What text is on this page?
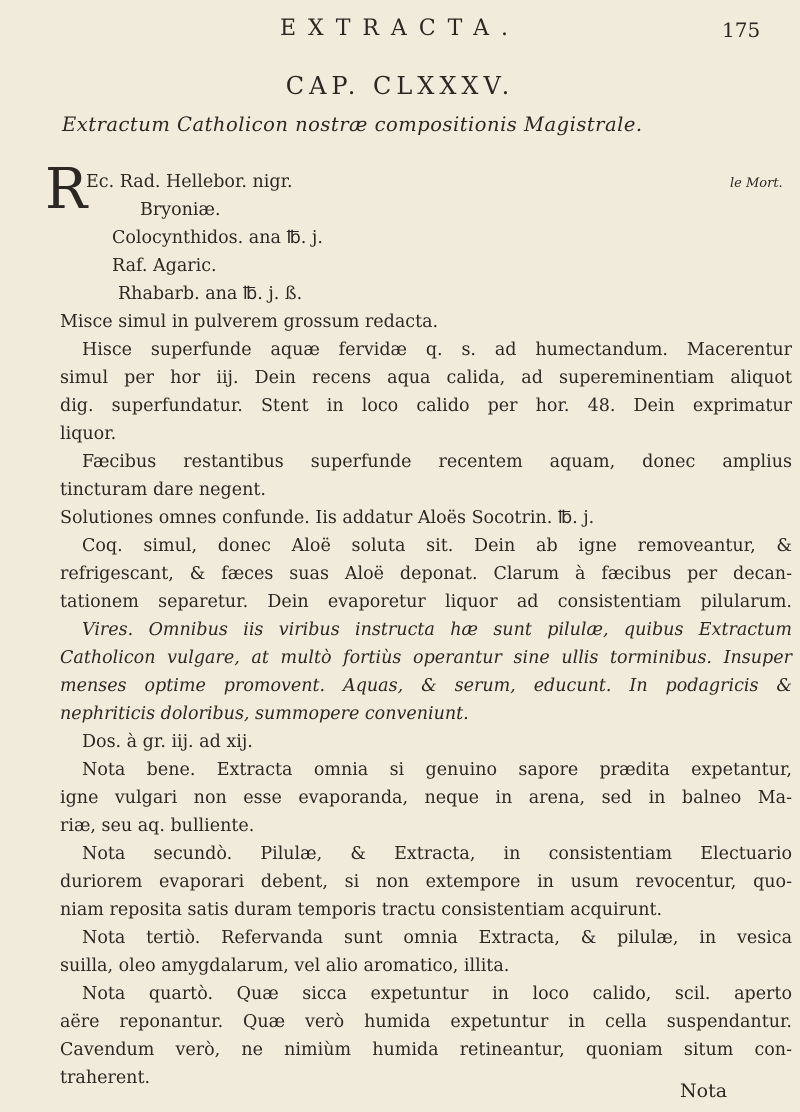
EXTRACTA.	175
CAP. CLXXXV.
Extractum Catholicon nostræ compositionis Magistrale.
le Mort.
R
Ec. Rad. Hellebor. nigr.
Bryoniæ.
Colocynthidos. ana ℔. j.
Raf. Agaric.
Rhabarb. ana ℔. j. ß.
Misce simul in pulverem grossum redacta.
Hisce superfunde aquæ fervidæ q. s. ad humectandum. Macerentur
simul per hor iij. Dein recens aqua calida, ad supereminentiam aliquot
dig. superfundatur. Stent in loco calido per hor. 48. Dein exprimatur
liquor.
Fæcibus restantibus superfunde recentem aquam, donec amplius
tincturam dare negent.
Solutiones omnes confunde. Iis addatur Aloës Socotrin. ℔. j.
Coq. simul, donec Aloë soluta sit. Dein ab igne removeantur, &
refrigescant, & fæces suas Aloë deponat. Clarum à fæcibus per decan-
tationem separetur. Dein evaporetur liquor ad consistentiam pilularum.
Vires. Omnibus iis viribus instructa hæ sunt pilulæ, quibus Extractum
Catholicon vulgare, at multò fortiùs operantur sine ullis torminibus. Insuper
menses optime promovent. Aquas, & serum, educunt. In podagricis &
nephriticis doloribus, summopere conveniunt.
Dos. à gr. iij. ad xij.
Nota bene. Extracta omnia si genuino sapore prædita expetantur,
igne vulgari non esse evaporanda, neque in arena, sed in balneo Ma-
riæ, seu aq. bulliente.
Nota secundò. Pilulæ, & Extracta, in consistentiam Electuario
duriorem evaporari debent, si non extempore in usum revocentur, quo-
niam reposita satis duram temporis tractu consistentiam acquirunt.
Nota tertiò. Refervanda sunt omnia Extracta, & pilulæ, in vesica
suilla, oleo amygdalarum, vel alio aromatico, illita.
Nota quartò. Quæ sicca expetuntur in loco calido, scil. aperto
aëre reponantur. Quæ verò humida expetuntur in cella suspendantur.
Cavendum verò, ne nimiùm humida retineantur, quoniam situm con-
traherent.
Nota
